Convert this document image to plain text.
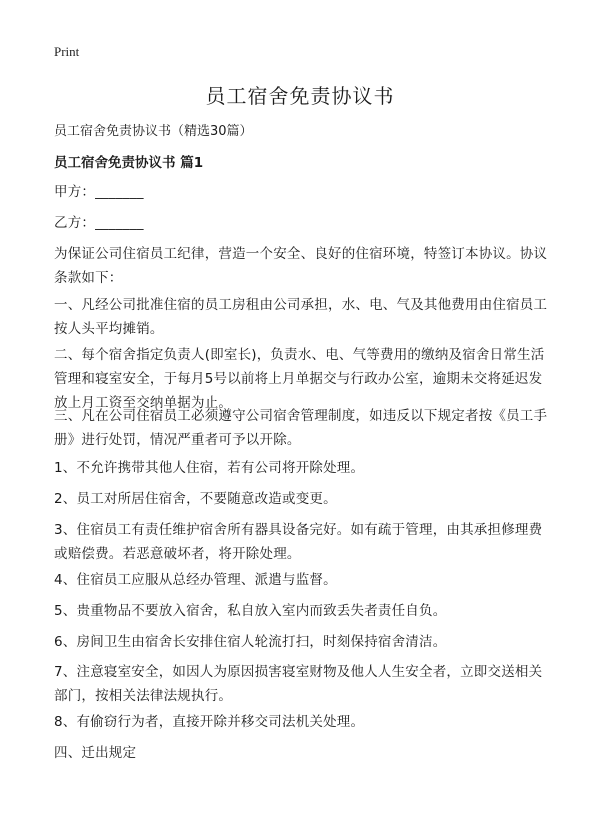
Print
员工宿舍免责协议书

员工宿舍免责协议书（精选30篇）

员工宿舍免责协议书 篇1

甲方：_______

乙方：_______

为保证公司住宿员工纪律，营造一个安全、良好的住宿环境，特签订本协议。协议条款如下：

一、凡经公司批准住宿的员工房租由公司承担，水、电、气及其他费用由住宿员工按人头平均摊销。

二、每个宿舍指定负责人(即室长)，负责水、电、气等费用的缴纳及宿舍日常生活管理和寝室安全，于每月5号以前将上月单据交与行政办公室，逾期未交将延迟发放上月工资至交纳单据为止。

三、凡在公司住宿员工必须遵守公司宿舍管理制度，如违反以下规定者按《员工手册》进行处罚，情况严重者可予以开除。

1、不允许携带其他人住宿，若有公司将开除处理。

2、员工对所居住宿舍，不要随意改造或变更。

3、住宿员工有责任维护宿舍所有器具设备完好。如有疏于管理，由其承担修理费或赔偿费。若恶意破坏者，将开除处理。

4、住宿员工应服从总经办管理、派遣与监督。

5、贵重物品不要放入宿舍，私自放入室内而致丢失者责任自负。

6、房间卫生由宿舍长安排住宿人轮流打扫，时刻保持宿舍清洁。

7、注意寝室安全，如因人为原因损害寝室财物及他人人生安全者，立即交送相关部门，按相关法律法规执行。

8、有偷窃行为者，直接开除并移交司法机关处理。

四、迁出规定
